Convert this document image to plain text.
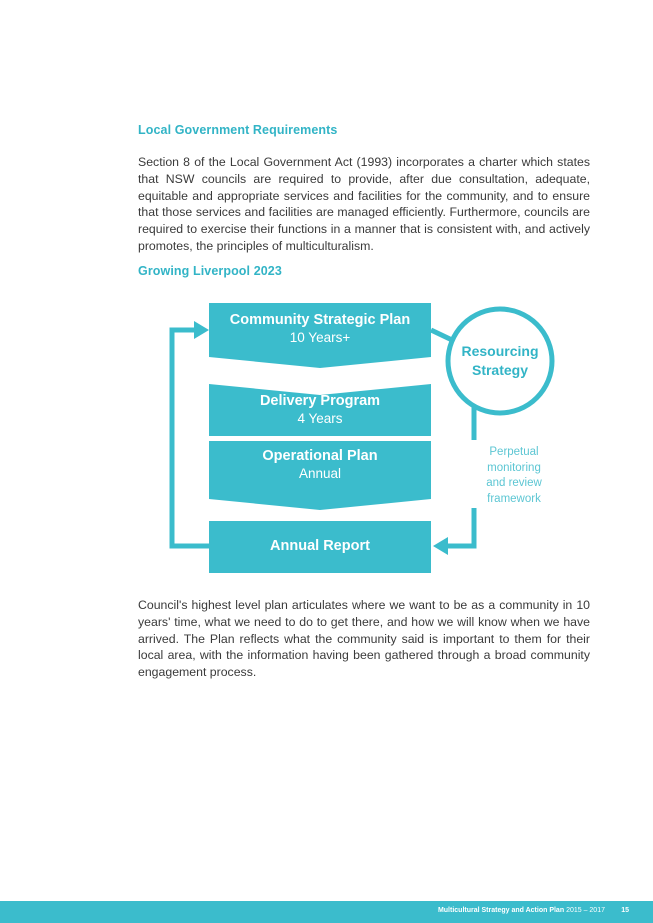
Local Government Requirements

Section 8 of the Local Government Act (1993) incorporates a charter which states that NSW councils are required to provide, after due consultation, adequate, equitable and appropriate services and facilities for the community, and to ensure that those services and facilities are managed efficiently. Furthermore, councils are required to exercise their functions in a manner that is consistent with, and actively promotes, the principles of multiculturalism.

Growing Liverpool 2023
Community Strategic Plan
10 Years+
Delivery Program
4 Years
Operational Plan
Annual
Annual Report
Resourcing
Strategy
Perpetual
monitoring
and review
framework

Council's highest level plan articulates where we want to be as a community in 10 years' time, what we need to do to get there, and how we will know when we have arrived. The Plan reflects what the community said is important to them for their local area, with the information having been gathered through a broad community engagement process.

Multicultural Strategy and Action Plan 2015 – 2017 15
